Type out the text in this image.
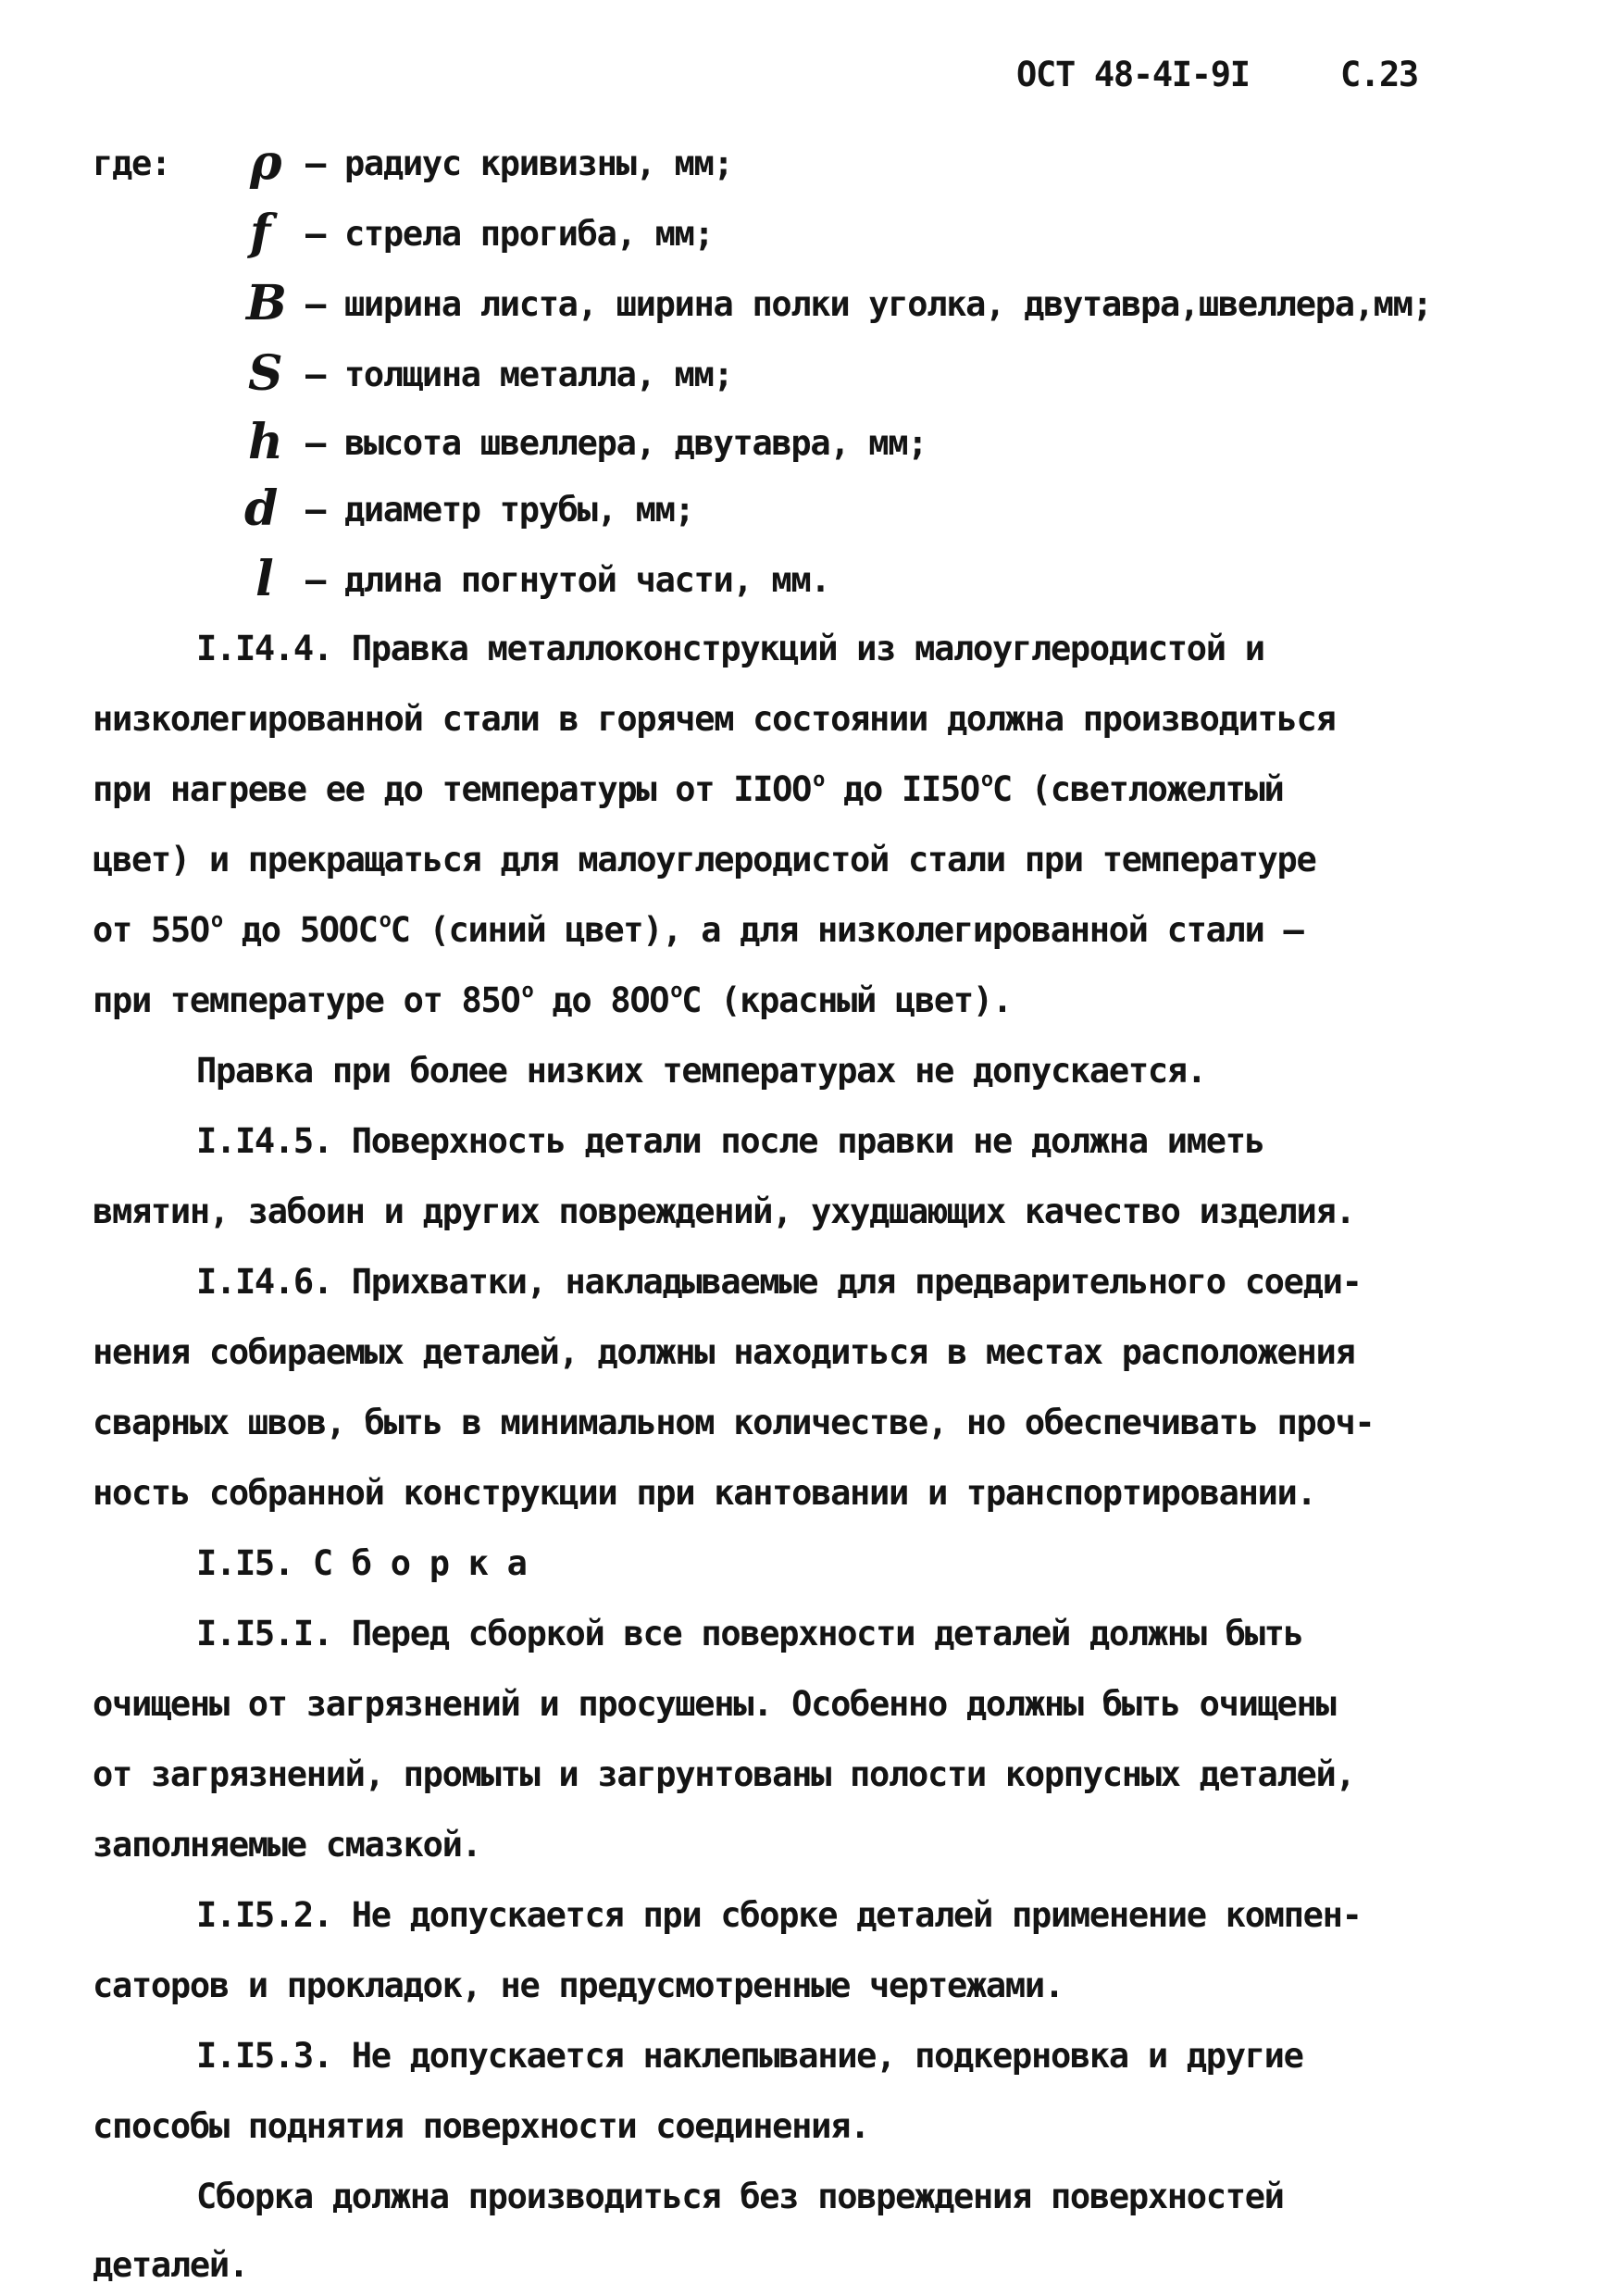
ОСТ 48-4I-9I	С.23
где: ρ – радиус кривизны, мм;
f – стрела прогиба, мм;
B – ширина листа, ширина полки уголка, двутавра,швеллера,мм;
S – толщина металла, мм;
h – высота швеллера, двутавра, мм;
d – диаметр трубы, мм;
l – длина погнутой части, мм.
I.I4.4. Правка металлоконструкций из малоуглеродистой и
низколегированной стали в горячем состоянии должна производиться
при нагреве ее до температуры от $IIОО^о$ до $II5О^оС$ (светложелтый
цвет) и прекращаться для малоуглеродистой стали при температуре
от $55О^о$ до $5ООС^оС$ (синий цвет), а для низколегированной стали –
при температуре от $85О^о$ до $8ОО^оС$ (красный цвет).
Правка при более низких температурах не допускается.
I.I4.5. Поверхность детали после правки не должна иметь
вмятин, забоин и других повреждений, ухудшающих качество изделия.
I.I4.6. Прихватки, накладываемые для предварительного соеди-
нения собираемых деталей, должны находиться в местах расположения
сварных швов, быть в минимальном количестве, но обеспечивать проч-
ность собранной конструкции при кантовании и транспортировании.
I.I5. С б о р к а
I.I5.I. Перед сборкой все поверхности деталей должны быть
очищены от загрязнений и просушены. Особенно должны быть очищены
от загрязнений, промыты и загрунтованы полости корпусных деталей,
заполняемые смазкой.
I.I5.2. Не допускается при сборке деталей применение компен-
саторов и прокладок, не предусмотренные чертежами.
I.I5.3. Не допускается наклепывание, подкерновка и другие
способы поднятия поверхности соединения.
Сборка должна производиться без повреждения поверхностей
деталей.
